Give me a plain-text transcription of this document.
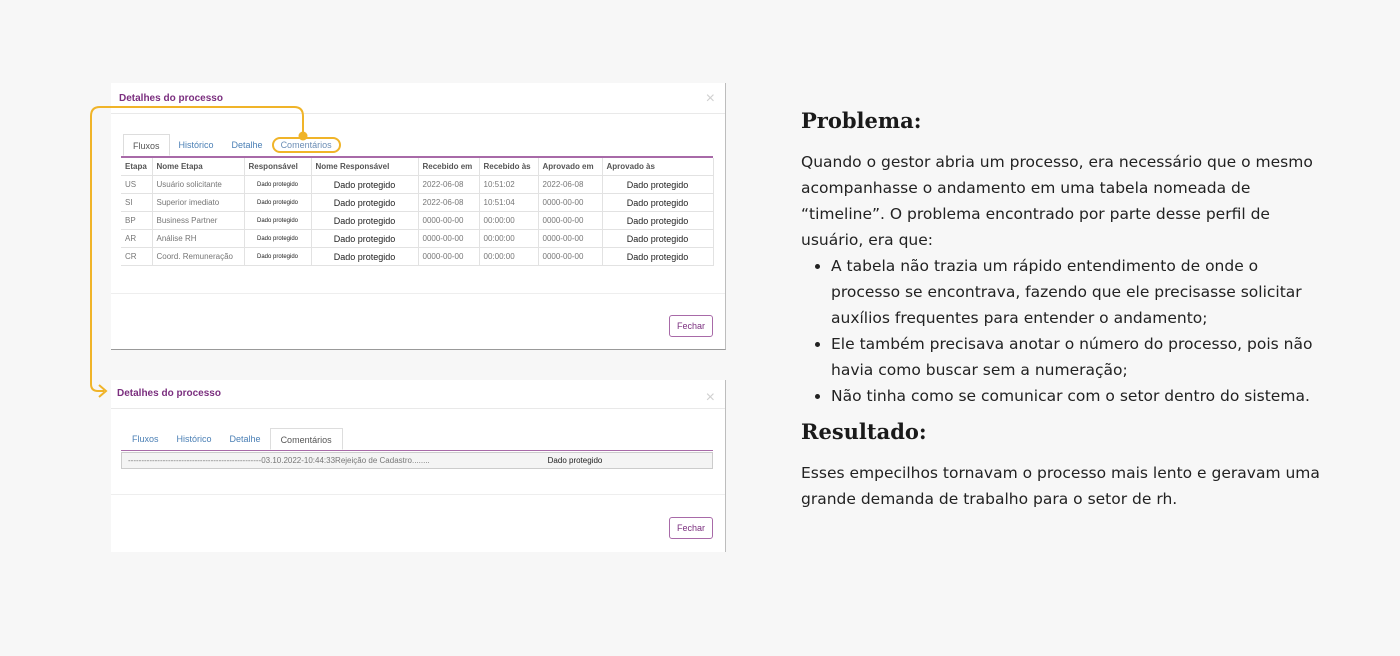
Detalhes do processo	×
Fluxos	Histórico	Detalhe	Comentários
Etapa	Nome Etapa	Responsável	Nome Responsável	Recebido em	Recebido às	Aprovado em	Aprovado às
US	Usuário solicitante	Dado protegido	Dado protegido	2022-06-08	10:51:02	2022-06-08	Dado protegido
SI	Superior imediato	Dado protegido	Dado protegido	2022-06-08	10:51:04	0000-00-00	Dado protegido
BP	Business Partner	Dado protegido	Dado protegido	0000-00-00	00:00:00	0000-00-00	Dado protegido
AR	Análise RH	Dado protegido	Dado protegido	0000-00-00	00:00:00	0000-00-00	Dado protegido
CR	Coord. Remuneração	Dado protegido	Dado protegido	0000-00-00	00:00:00	0000-00-00	Dado protegido
Fechar
Detalhes do processo	×
Fluxos	Histórico	Detalhe	Comentários
--------------------------------------------------03.10.2022-10:44:33Rejeição de Cadastro........	Dado protegido
Fechar
Problema:

Quando o gestor abria um processo, era necessário que o mesmo acompanhasse o andamento em uma tabela nomeada de “timeline”. O problema encontrado por parte desse perfil de usuário, era que:

• A tabela não trazia um rápido entendimento de onde o processo se encontrava, fazendo que ele precisasse solicitar auxílios frequentes para entender o andamento;
• Ele também precisava anotar o número do processo, pois não havia como buscar sem a numeração;
• Não tinha como se comunicar com o setor dentro do sistema.
Resultado:

Esses empecilhos tornavam o processo mais lento e geravam uma grande demanda de trabalho para o setor de rh.
